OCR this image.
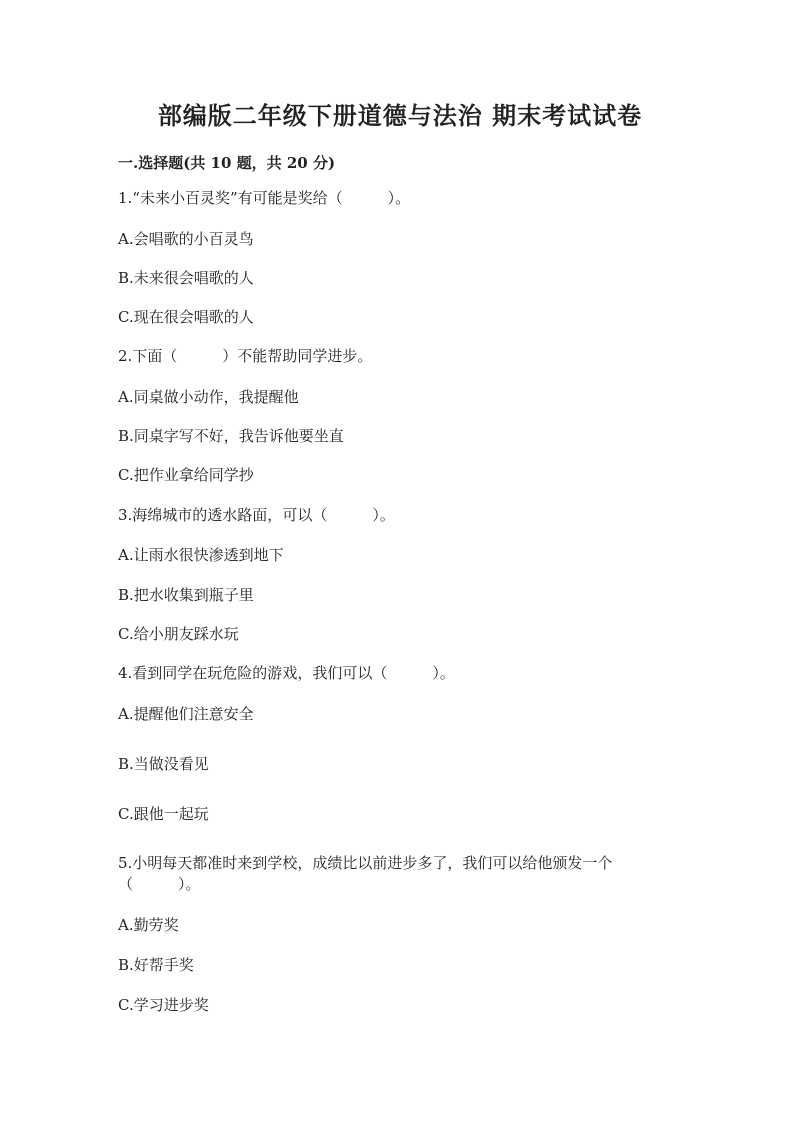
部编版二年级下册道德与法治 期末考试试卷
一.选择题(共 10 题，共 20 分)
1.“未来小百灵奖”有可能是奖给（　　　）。
A.会唱歌的小百灵鸟
B.未来很会唱歌的人
C.现在很会唱歌的人
2.下面（　　　）不能帮助同学进步。
A.同桌做小动作，我提醒他
B.同桌字写不好，我告诉他要坐直
C.把作业拿给同学抄
3.海绵城市的透水路面，可以（　　　）。
A.让雨水很快渗透到地下
B.把水收集到瓶子里
C.给小朋友踩水玩
4.看到同学在玩危险的游戏，我们可以（　　　）。
A.提醒他们注意安全
B.当做没看见
C.跟他一起玩
5.小明每天都准时来到学校，成绩比以前进步多了，我们可以给他颁发一个
（　　　）。
A.勤劳奖
B.好帮手奖
C.学习进步奖
